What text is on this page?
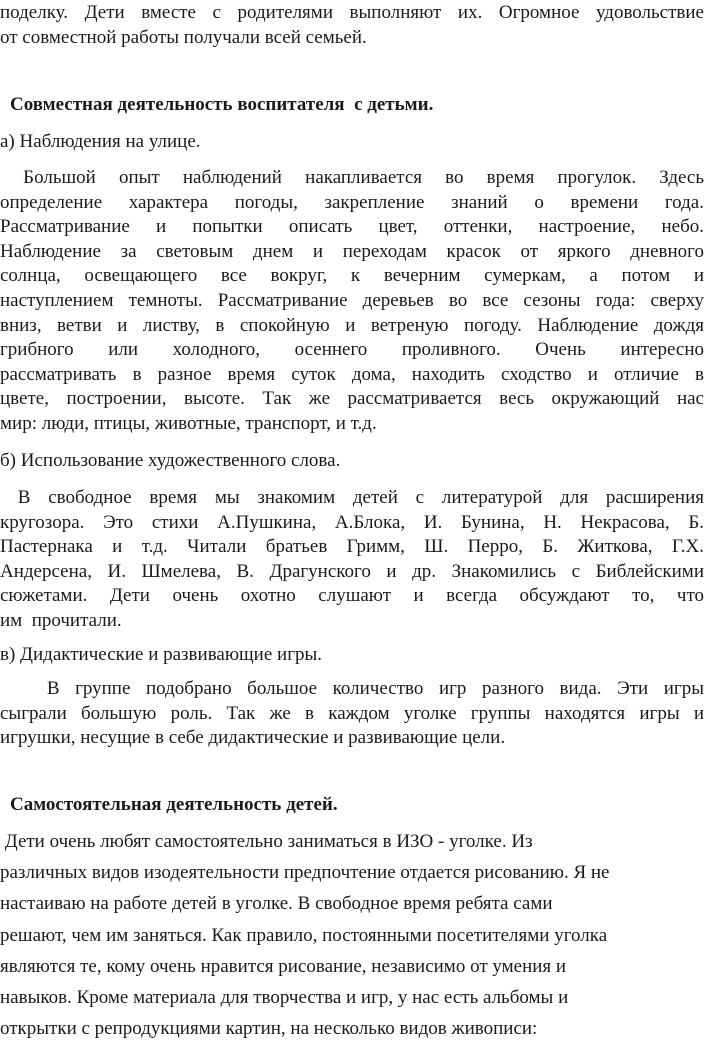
поделку. Дети вместе с родителями выполняют их. Огромное удовольствие
от совместной работы получали всей семьей.
Совместная деятельность воспитателя  с детьми.
а) Наблюдения на улице.
Большой опыт наблюдений накапливается во время прогулок. Здесь
определение характера погоды, закрепление знаний о времени года.
Рассматривание и попытки описать цвет, оттенки, настроение, небо.
Наблюдение за световым днем и переходам красок от яркого дневного
солнца, освещающего все вокруг, к вечерним сумеркам, а потом и
наступлением темноты. Рассматривание деревьев во все сезоны года: сверху
вниз, ветви и листву, в спокойную и ветреную погоду. Наблюдение дождя
грибного или холодного, осеннего проливного. Очень интересно
рассматривать в разное время суток дома, находить сходство и отличие в
цвете, построении, высоте. Так же рассматривается весь окружающий нас
мир: люди, птицы, животные, транспорт, и т.д.
б) Использование художественного слова.
В свободное время мы знакомим детей с литературой для расширения
кругозора. Это стихи А.Пушкина, А.Блока, И. Бунина, Н. Некрасова, Б.
Пастернака и т.д. Читали братьев Гримм, Ш. Перро, Б. Житкова, Г.Х.
Андерсена, И. Шмелева, В. Драгунского и др. Знакомились с Библейскими
сюжетами. Дети очень охотно слушают и всегда обсуждают то, что
им  прочитали.
в) Дидактические и развивающие игры.
В группе подобрано большое количество игр разного вида. Эти игры
сыграли большую роль. Так же в каждом уголке группы находятся игры и
игрушки, несущие в себе дидактические и развивающие цели.
Самостоятельная деятельность детей.
Дети очень любят самостоятельно заниматься в ИЗО - уголке. Из
различных видов изодеятельности предпочтение отдается рисованию. Я не
настаиваю на работе детей в уголке. В свободное время ребята сами
решают, чем им заняться. Как правило, постоянными посетителями уголка
являются те, кому очень нравится рисование, независимо от умения и
навыков. Кроме материала для творчества и игр, у нас есть альбомы и
открытки с репродукциями картин, на несколько видов живописи:
